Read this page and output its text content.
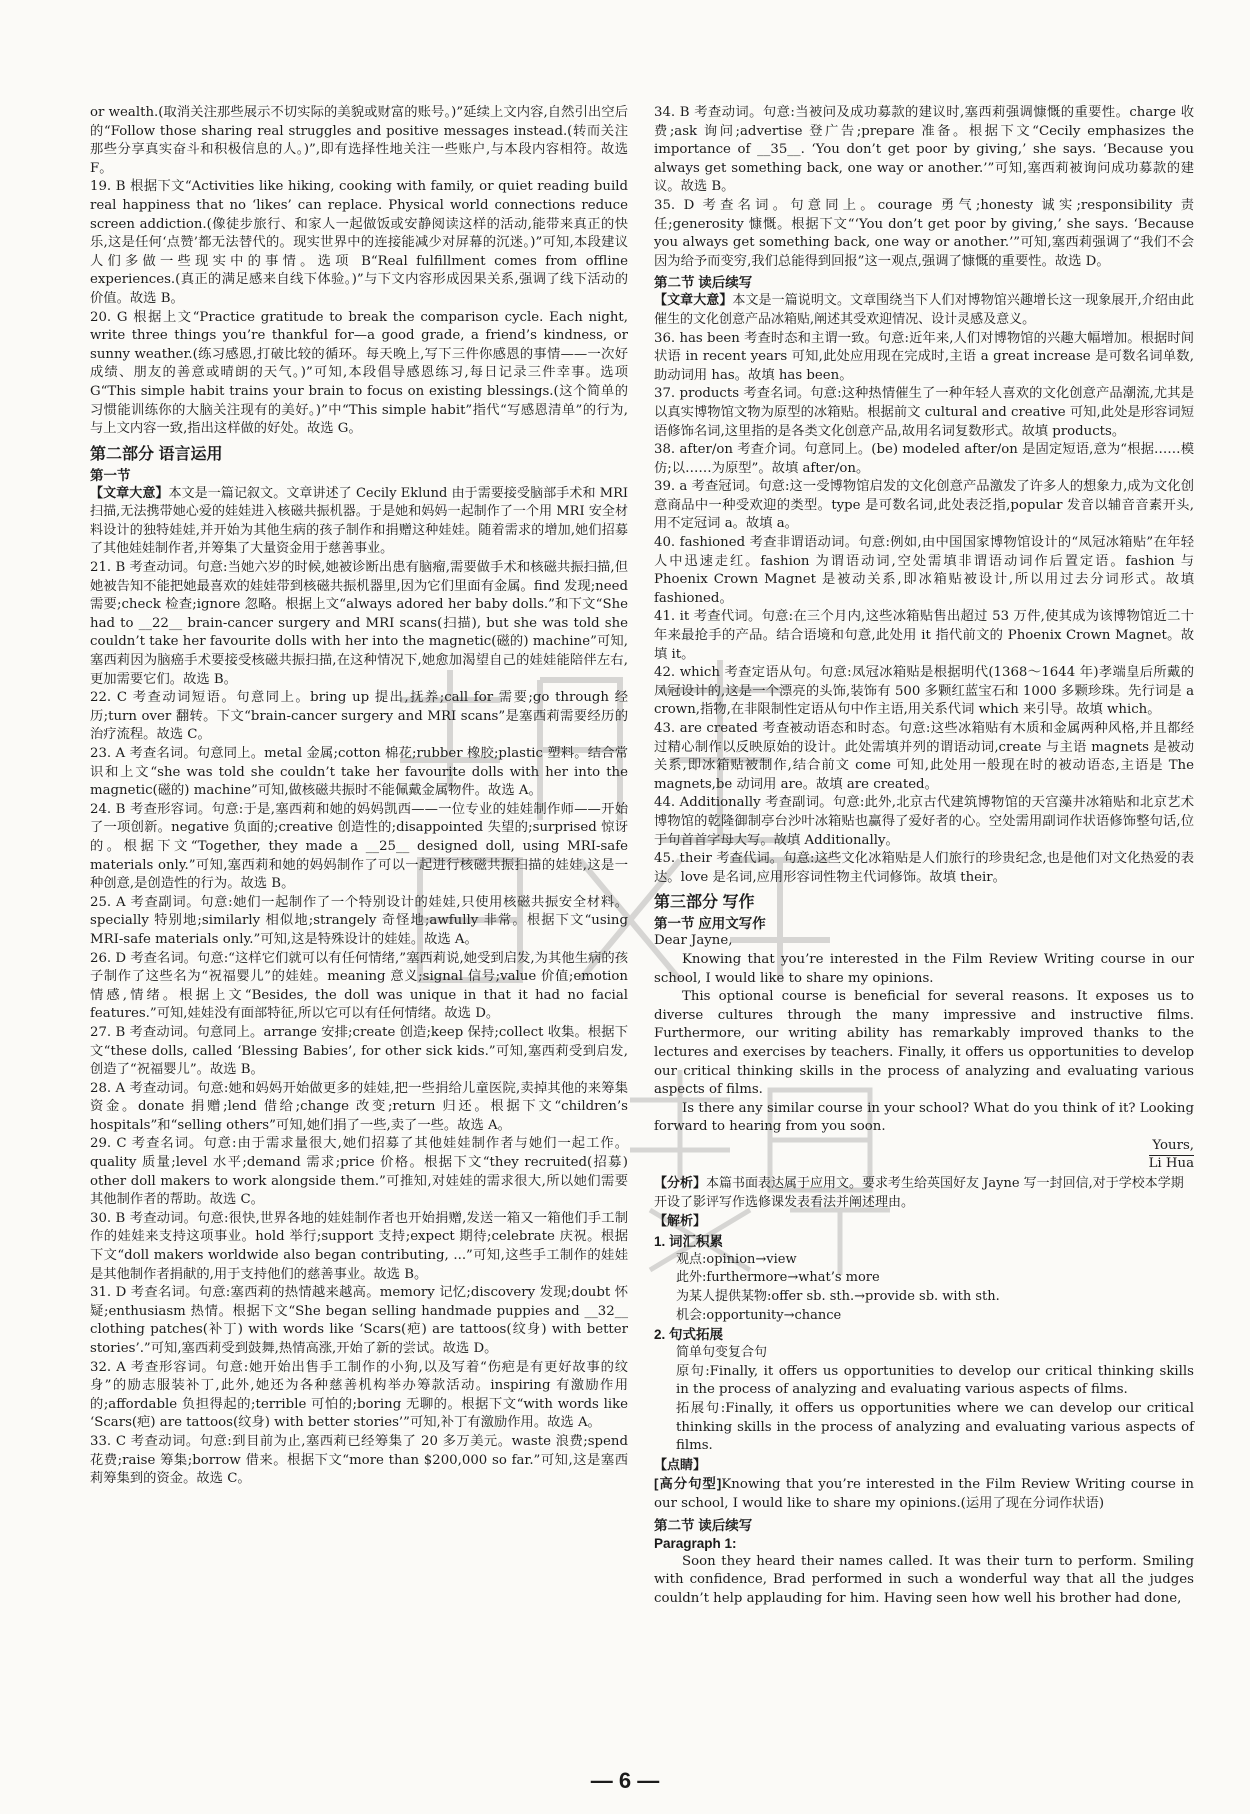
or wealth.(取消关注那些展示不切实际的美貌或财富的账号。)”延续上文内容,自然引出空后的“Follow those sharing real struggles and positive messages instead.(转而关注那些分享真实奋斗和积极信息的人。)”,即有选择性地关注一些账户,与本段内容相符。故选 F。

19. B 根据下文“Activities like hiking, cooking with family, or quiet reading build real happiness that no ‘likes’ can replace. Physical world connections reduce screen addiction.(像徒步旅行、和家人一起做饭或安静阅读这样的活动,能带来真正的快乐,这是任何‘点赞’都无法替代的。现实世界中的连接能减少对屏幕的沉迷。)”可知,本段建议人们多做一些现实中的事情。选项 B“Real fulfillment comes from offline experiences.(真正的满足感来自线下体验。)”与下文内容形成因果关系,强调了线下活动的价值。故选 B。

20. G 根据上文“Practice gratitude to break the comparison cycle. Each night, write three things you’re thankful for—a good grade, a friend’s kindness, or sunny weather.(练习感恩,打破比较的循环。每天晚上,写下三件你感恩的事情——一次好成绩、朋友的善意或晴朗的天气。)”可知,本段倡导感恩练习,每日记录三件幸事。选项 G“This simple habit trains your brain to focus on existing blessings.(这个简单的习惯能训练你的大脑关注现有的美好。)”中“This simple habit”指代“写感恩清单”的行为,与上文内容一致,指出这样做的好处。故选 G。

第二部分 语言运用

第一节

【文章大意】本文是一篇记叙文。文章讲述了 Cecily Eklund 由于需要接受脑部手术和 MRI 扫描,无法携带她心爱的娃娃进入核磁共振机器。于是她和妈妈一起制作了一个用 MRI 安全材料设计的独特娃娃,并开始为其他生病的孩子制作和捐赠这种娃娃。随着需求的增加,她们招募了其他娃娃制作者,并筹集了大量资金用于慈善事业。

21. B 考查动词。句意:当她六岁的时候,她被诊断出患有脑瘤,需要做手术和核磁共振扫描,但她被告知不能把她最喜欢的娃娃带到核磁共振机器里,因为它们里面有金属。find 发现;need 需要;check 检查;ignore 忽略。根据上文“always adored her baby dolls.”和下文“She had to __22__ brain-cancer surgery and MRI scans(扫描), but she was told she couldn’t take her favourite dolls with her into the magnetic(磁的) machine”可知,塞西莉因为脑癌手术要接受核磁共振扫描,在这种情况下,她愈加渴望自己的娃娃能陪伴左右,更加需要它们。故选 B。

22. C 考查动词短语。句意同上。bring up 提出,抚养;call for 需要;go through 经历;turn over 翻转。下文“brain-cancer surgery and MRI scans”是塞西莉需要经历的治疗流程。故选 C。

23. A 考查名词。句意同上。metal 金属;cotton 棉花;rubber 橡胶;plastic 塑料。结合常识和上文“she was told she couldn’t take her favourite dolls with her into the magnetic(磁的) machine”可知,做核磁共振时不能佩戴金属物件。故选 A。

24. B 考查形容词。句意:于是,塞西莉和她的妈妈凯西——一位专业的娃娃制作师——开始了一项创新。negative 负面的;creative 创造性的;disappointed 失望的;surprised 惊讶的。根据下文“Together, they made a __25__ designed doll, using MRI-safe materials only.”可知,塞西莉和她的妈妈制作了可以一起进行核磁共振扫描的娃娃,这是一种创意,是创造性的行为。故选 B。

25. A 考查副词。句意:她们一起制作了一个特别设计的娃娃,只使用核磁共振安全材料。specially 特别地;similarly 相似地;strangely 奇怪地;awfully 非常。根据下文“using MRI-safe materials only.”可知,这是特殊设计的娃娃。故选 A。

26. D 考查名词。句意:“这样它们就可以有任何情绪,”塞西莉说,她受到启发,为其他生病的孩子制作了这些名为“祝福婴儿”的娃娃。meaning 意义;signal 信号;value 价值;emotion 情感,情绪。根据上文“Besides, the doll was unique in that it had no facial features.”可知,娃娃没有面部特征,所以它可以有任何情绪。故选 D。

27. B 考查动词。句意同上。arrange 安排;create 创造;keep 保持;collect 收集。根据下文“these dolls, called ‘Blessing Babies’, for other sick kids.”可知,塞西莉受到启发,创造了“祝福婴儿”。故选 B。

28. A 考查动词。句意:她和妈妈开始做更多的娃娃,把一些捐给儿童医院,卖掉其他的来筹集资金。donate 捐赠;lend 借给;change 改变;return 归还。根据下文“children’s hospitals”和“selling others”可知,她们捐了一些,卖了一些。故选 A。

29. C 考查名词。句意:由于需求量很大,她们招募了其他娃娃制作者与她们一起工作。quality 质量;level 水平;demand 需求;price 价格。根据下文“they recruited(招募) other doll makers to work alongside them.”可推知,对娃娃的需求很大,所以她们需要其他制作者的帮助。故选 C。

30. B 考查动词。句意:很快,世界各地的娃娃制作者也开始捐赠,发送一箱又一箱他们手工制作的娃娃来支持这项事业。hold 举行;support 支持;expect 期待;celebrate 庆祝。根据下文“doll makers worldwide also began contributing, ...”可知,这些手工制作的娃娃是其他制作者捐献的,用于支持他们的慈善事业。故选 B。

31. D 考查名词。句意:塞西莉的热情越来越高。memory 记忆;discovery 发现;doubt 怀疑;enthusiasm 热情。根据下文“She began selling handmade puppies and __32__ clothing patches(补丁) with words like ‘Scars(疤) are tattoos(纹身) with better stories’.”可知,塞西莉受到鼓舞,热情高涨,开始了新的尝试。故选 D。

32. A 考查形容词。句意:她开始出售手工制作的小狗,以及写着“伤疤是有更好故事的纹身”的励志服装补丁,此外,她还为各种慈善机构举办筹款活动。inspiring 有激励作用的;affordable 负担得起的;terrible 可怕的;boring 无聊的。根据下文“with words like ‘Scars(疤) are tattoos(纹身) with better stories’”可知,补丁有激励作用。故选 A。

33. C 考查动词。句意:到目前为止,塞西莉已经筹集了 20 多万美元。waste 浪费;spend 花费;raise 筹集;borrow 借来。根据下文“more than $200,000 so far.”可知,这是塞西莉筹集到的资金。故选 C。

34. B 考查动词。句意:当被问及成功募款的建议时,塞西莉强调慷慨的重要性。charge 收费;ask 询问;advertise 登广告;prepare 准备。根据下文“Cecily emphasizes the importance of __35__. ‘You don’t get poor by giving,’ she says. ‘Because you always get something back, one way or another.’”可知,塞西莉被询问成功募款的建议。故选 B。

35. D 考查名词。句意同上。courage 勇气;honesty 诚实;responsibility 责任;generosity 慷慨。根据下文“‘You don’t get poor by giving,’ she says. ‘Because you always get something back, one way or another.’”可知,塞西莉强调了“我们不会因为给予而变穷,我们总能得到回报”这一观点,强调了慷慨的重要性。故选 D。

第二节 读后续写

【文章大意】本文是一篇说明文。文章围绕当下人们对博物馆兴趣增长这一现象展开,介绍由此催生的文化创意产品冰箱贴,阐述其受欢迎情况、设计灵感及意义。

36. has been 考查时态和主谓一致。句意:近年来,人们对博物馆的兴趣大幅增加。根据时间状语 in recent years 可知,此处应用现在完成时,主语 a great increase 是可数名词单数,助动词用 has。故填 has been。

37. products 考查名词。句意:这种热情催生了一种年轻人喜欢的文化创意产品潮流,尤其是以真实博物馆文物为原型的冰箱贴。根据前文 cultural and creative 可知,此处是形容词短语修饰名词,这里指的是各类文化创意产品,故用名词复数形式。故填 products。

38. after/on 考查介词。句意同上。(be) modeled after/on 是固定短语,意为“根据……模仿;以……为原型”。故填 after/on。

39. a 考查冠词。句意:这一受博物馆启发的文化创意产品激发了许多人的想象力,成为文化创意商品中一种受欢迎的类型。type 是可数名词,此处表泛指,popular 发音以辅音音素开头,用不定冠词 a。故填 a。

40. fashioned 考查非谓语动词。句意:例如,由中国国家博物馆设计的“凤冠冰箱贴”在年轻人中迅速走红。fashion 为谓语动词,空处需填非谓语动词作后置定语。fashion 与 Phoenix Crown Magnet 是被动关系,即冰箱贴被设计,所以用过去分词形式。故填 fashioned。

41. it 考查代词。句意:在三个月内,这些冰箱贴售出超过 53 万件,使其成为该博物馆近二十年来最抢手的产品。结合语境和句意,此处用 it 指代前文的 Phoenix Crown Magnet。故填 it。

42. which 考查定语从句。句意:凤冠冰箱贴是根据明代(1368～1644 年)孝端皇后所戴的凤冠设计的,这是一个漂亮的头饰,装饰有 500 多颗红蓝宝石和 1000 多颗珍珠。先行词是 a crown,指物,在非限制性定语从句中作主语,用关系代词 which 来引导。故填 which。

43. are created 考查被动语态和时态。句意:这些冰箱贴有木质和金属两种风格,并且都经过精心制作以反映原始的设计。此处需填并列的谓语动词,create 与主语 magnets 是被动关系,即冰箱贴被制作,结合前文 come 可知,此处用一般现在时的被动语态,主语是 The magnets,be 动词用 are。故填 are created。

44. Additionally 考查副词。句意:此外,北京古代建筑博物馆的天宫藻井冰箱贴和北京艺术博物馆的乾隆御制亭台沙叶冰箱贴也赢得了爱好者的心。空处需用副词作状语修饰整句话,位于句首首字母大写。故填 Additionally。

45. their 考查代词。句意:这些文化冰箱贴是人们旅行的珍贵纪念,也是他们对文化热爱的表达。love 是名词,应用形容词性物主代词修饰。故填 their。

第三部分 写作

第一节 应用文写作

Dear Jayne,

Knowing that you’re interested in the Film Review Writing course in our school, I would like to share my opinions.

This optional course is beneficial for several reasons. It exposes us to diverse cultures through the many impressive and instructive films. Furthermore, our writing ability has remarkably improved thanks to the lectures and exercises by teachers. Finally, it offers us opportunities to develop our critical thinking skills in the process of analyzing and evaluating various aspects of films.

Is there any similar course in your school? What do you think of it? Looking forward to hearing from you soon.

Yours,

Li Hua

【分析】本篇书面表达属于应用文。要求考生给英国好友 Jayne 写一封回信,对于学校本学期开设了影评写作选修课发表看法并阐述理由。

【解析】

1. 词汇积累

观点:opinion→view

此外:furthermore→what’s more

为某人提供某物:offer sb. sth.→provide sb. with sth.

机会:opportunity→chance

2. 句式拓展

简单句变复合句

原句:Finally, it offers us opportunities to develop our critical thinking skills in the process of analyzing and evaluating various aspects of films.

拓展句:Finally, it offers us opportunities where we can develop our critical thinking skills in the process of analyzing and evaluating various aspects of films.

【点睛】

[高分句型]Knowing that you’re interested in the Film Review Writing course in our school, I would like to share my opinions.(运用了现在分词作状语)

第二节 读后续写

Paragraph 1:

Soon they heard their names called. It was their turn to perform. Smiling with confidence, Brad performed in such a wonderful way that all the judges couldn’t help applauding for him. Having seen how well his brother had done,

— 6 —
